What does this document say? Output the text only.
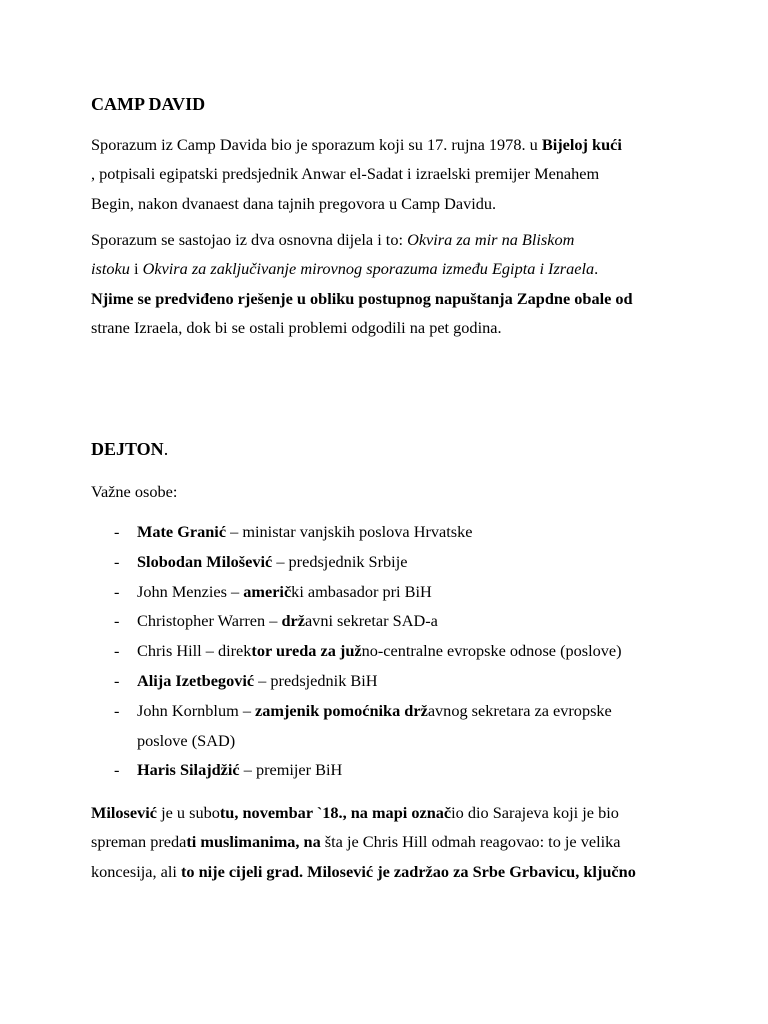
CAMP DAVID

Sporazum iz Camp Davida bio je sporazum koji su 17. rujna 1978. u Bijeloj kući
, potpisali egipatski predsjednik Anwar el-Sadat i izraelski premijer Menahem
Begin, nakon dvanaest dana tajnih pregovora u Camp Davidu.

Sporazum se sastojao iz dva osnovna dijela i to: Okvira za mir na Bliskom
istoku i Okvira za zaključivanje mirovnog sporazuma između Egipta i Izraela.
Njime se predviđeno rješenje u obliku postupnog napuštanja Zapdne obale od
strane Izraela, dok bi se ostali problemi odgodili na pet godina.

DEJTON.

Važne osobe:

- Mate Granić – ministar vanjskih poslova Hrvatske
- Slobodan Milošević – predsjednik Srbije
- John Menzies – američki ambasador pri BiH
- Christopher Warren – državni sekretar SAD-a
- Chris Hill – direktor ureda za južno-centralne evropske odnose (poslove)
- Alija Izetbegović – predsjednik BiH
- John Kornblum – zamjenik pomoćnika državnog sekretara za evropske
poslove (SAD)
- Haris Silajdžić – premijer BiH

Milosević je u subotu, novembar `18., na mapi označio dio Sarajeva koji je bio
spreman predati muslimanima, na šta je Chris Hill odmah reagovao: to je velika
koncesija, ali to nije cijeli grad. Milosević je zadržao za Srbe Grbavicu, ključno
